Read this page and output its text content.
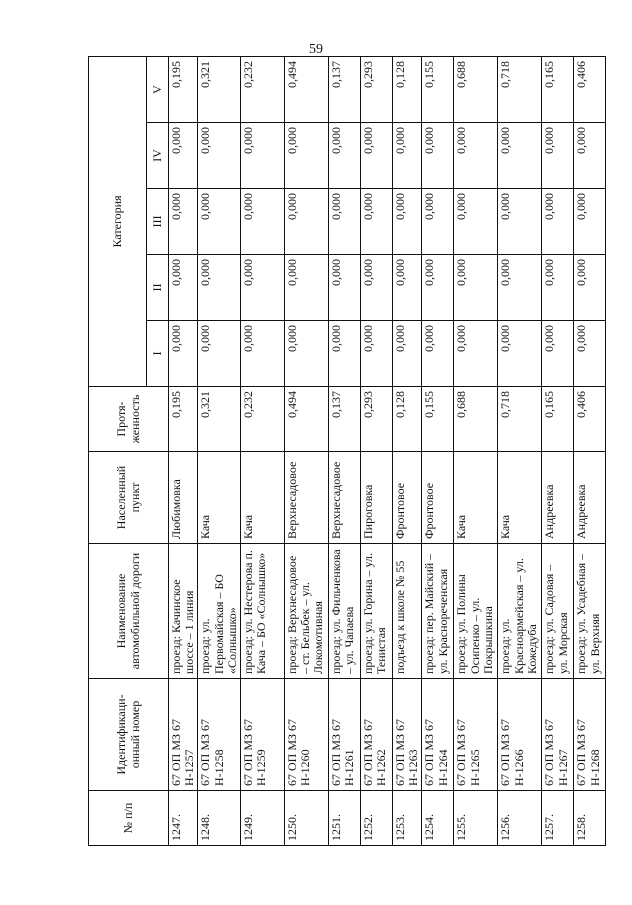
59
№ п/п	Идентификаци-онный номер	Наименование автомобильной дороги	Населенный пункт	Протя-женность	Категория				
					I	II	III	IV	V
1247.	67 ОП МЗ 67 Н-1257	проезд: Качинское шоссе – 1 линия	Любимовка	0,195	0,000	0,000	0,000	0,000	0,195
1248.	67 ОП МЗ 67 Н-1258	проезд: ул. Первомайская – БО «Солнышко»	Кача	0,321	0,000	0,000	0,000	0,000	0,321
1249.	67 ОП МЗ 67 Н-1259	проезд: ул. Нестерова п. Кача – БО «Солнышко»	Кача	0,232	0,000	0,000	0,000	0,000	0,232
1250.	67 ОП МЗ 67 Н-1260	проезд: Верхнесадовое – ст. Бельбек – ул. Локомотивная	Верхнесадовое	0,494	0,000	0,000	0,000	0,000	0,494
1251.	67 ОП МЗ 67 Н-1261	проезд: ул. Фильченкова – ул. Чапаева	Верхнесадовое	0,137	0,000	0,000	0,000	0,000	0,137
1252.	67 ОП МЗ 67 Н-1262	проезд: ул. Горина – ул. Тенистая	Пироговка	0,293	0,000	0,000	0,000	0,000	0,293
1253.	67 ОП МЗ 67 Н-1263	подъезд к школе № 55	Фронтовое	0,128	0,000	0,000	0,000	0,000	0,128
1254.	67 ОП МЗ 67 Н-1264	проезд: пер. Майский – ул. Краснореченская	Фронтовое	0,155	0,000	0,000	0,000	0,000	0,155
1255.	67 ОП МЗ 67 Н-1265	проезд: ул. Полины Осипенко – ул. Покрышкина	Кача	0,688	0,000	0,000	0,000	0,000	0,688
1256.	67 ОП МЗ 67 Н-1266	проезд: ул. Красноармейская – ул. Кожедуба	Кача	0,718	0,000	0,000	0,000	0,000	0,718
1257.	67 ОП МЗ 67 Н-1267	проезд: ул. Садовая – ул. Морская	Андреевка	0,165	0,000	0,000	0,000	0,000	0,165
1258.	67 ОП МЗ 67 Н-1268	проезд: ул. Усадебная – ул. Верхняя	Андреевка	0,406	0,000	0,000	0,000	0,000	0,406
